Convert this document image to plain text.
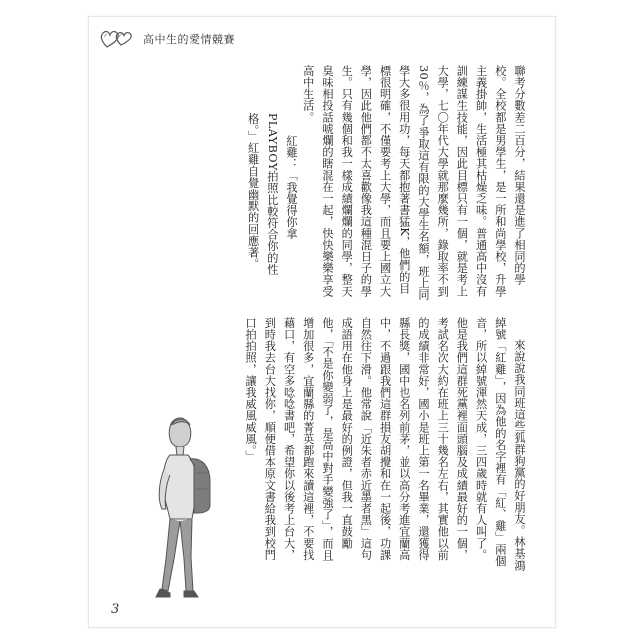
高中生的愛情競賽

聯考分數差二百分，結果還是進了相同的學校。全校都是男學生，是一所和尚學校，升學主義掛帥，生活極其枯燥乏味。普通高中沒有訓練謀生技能，因此目標只有一個，就是考上大學，七〇年代大學就那麼幾所，錄取率不到30％，為了爭取這有限的大學生名額，班上同學大多很用功，每天都抱著書猛K，他們的目標很明確，不僅要考上大學，而且要上國立大學，因此他們都不太喜歡像我這種混日子的學生。只有幾個和我一樣成績爛爛的同學，整天臭味相投話唬爛的瞎混在一起，快快樂樂享受高中生活。

來說說我同班這些狐群狗黨的好朋友。林基鴻綽號「紅雞」，因為他的名字裡有「紅、雞」兩個音，所以綽號渾然天成，三四歲時就有人叫了。他是我們這群死黨裡面頭腦及成績最好的一個，考試名次大約在班上三十幾名左右，其實他以前的成績非常好，國小是班上第一名畢業，還獲得縣長獎，國中也名列前茅，並以高分考進宜蘭高中，不過跟我們這群損友胡攪和在一起後，功課自然往下滑。他常說「近朱者赤近墨者黑」這句成語用在他身上是最好的例證，但我一直鼓勵他，「不是你變弱了，是高中對手變強了」，而且增加很多，宜蘭縣的菁英都跑來讀這裡，不要找藉口，有空多唸唸書吧，希望你以後考上台大，到時我去台大找你，順便借本原文書給我到校門口拍拍照，讓我威風威風。」

紅雞：「我覺得你拿PLAYBOY拍照比較符合你的性格。」紅雞自覺幽默的回應著。

3
